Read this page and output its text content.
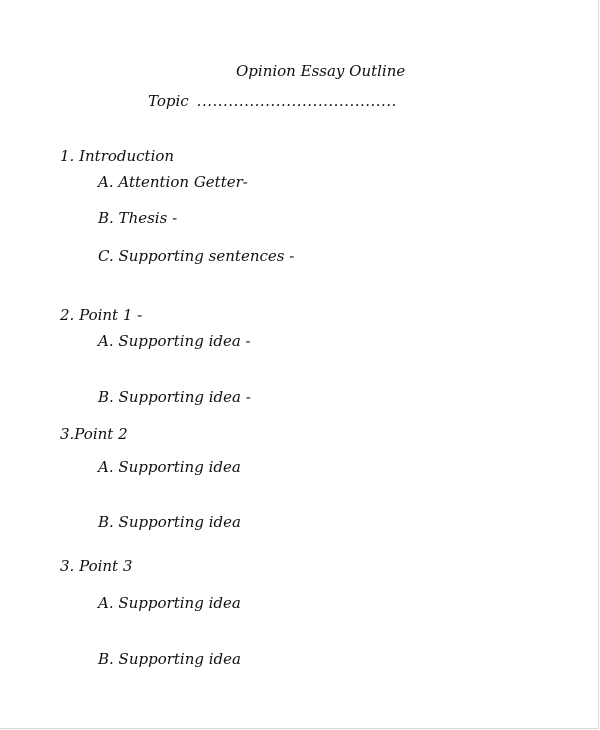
Opinion Essay Outline
Topic ......................................
1. Introduction
A. Attention Getter-
B. Thesis -
C. Supporting sentences -
2. Point 1 -
A. Supporting idea -
B. Supporting idea -
3.Point 2
A. Supporting idea
B. Supporting idea
3. Point 3
A. Supporting idea
B. Supporting idea
